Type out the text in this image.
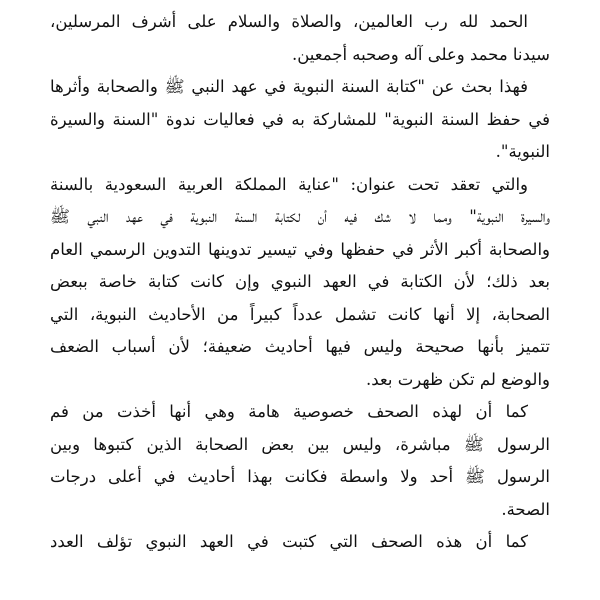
الحمد لله رب العالمين، والصلاة والسلام على أشرف المرسلين،
سيدنا محمد وعلى آله وصحبه أجمعين.
فهذا بحث عن "كتابة السنة النبوية في عهد النبي ﷺ والصحابة وأثرها
في حفظ السنة النبوية" للمشاركة به في فعاليات ندوة "السنة والسيرة
النبوية".
والتي تعقد تحت عنوان: "عناية المملكة العربية السعودية بالسنة
والسيرة النبوية" ومما لا شك فيه أن لكتابة السنة النبوية في عهد النبي ﷺ
والصحابة أكبر الأثر في حفظها وفي تيسير تدوينها التدوين الرسمي العام
بعد ذلك؛ لأن الكتابة في العهد النبوي وإن كانت كتابة خاصة ببعض
الصحابة، إلا أنها كانت تشمل عدداً كبيراً من الأحاديث النبوية، التي
تتميز بأنها صحيحة وليس فيها أحاديث ضعيفة؛ لأن أسباب الضعف
والوضع لم تكن ظهرت بعد.
كما أن لهذه الصحف خصوصية هامة وهي أنها أخذت من فم
الرسول ﷺ مباشرة، وليس بين بعض الصحابة الذين كتبوها وبين
الرسول ﷺ أحد ولا واسطة فكانت بهذا أحاديث في أعلى درجات
الصحة.
كما أن هذه الصحف التي كتبت في العهد النبوي تؤلف العدد
